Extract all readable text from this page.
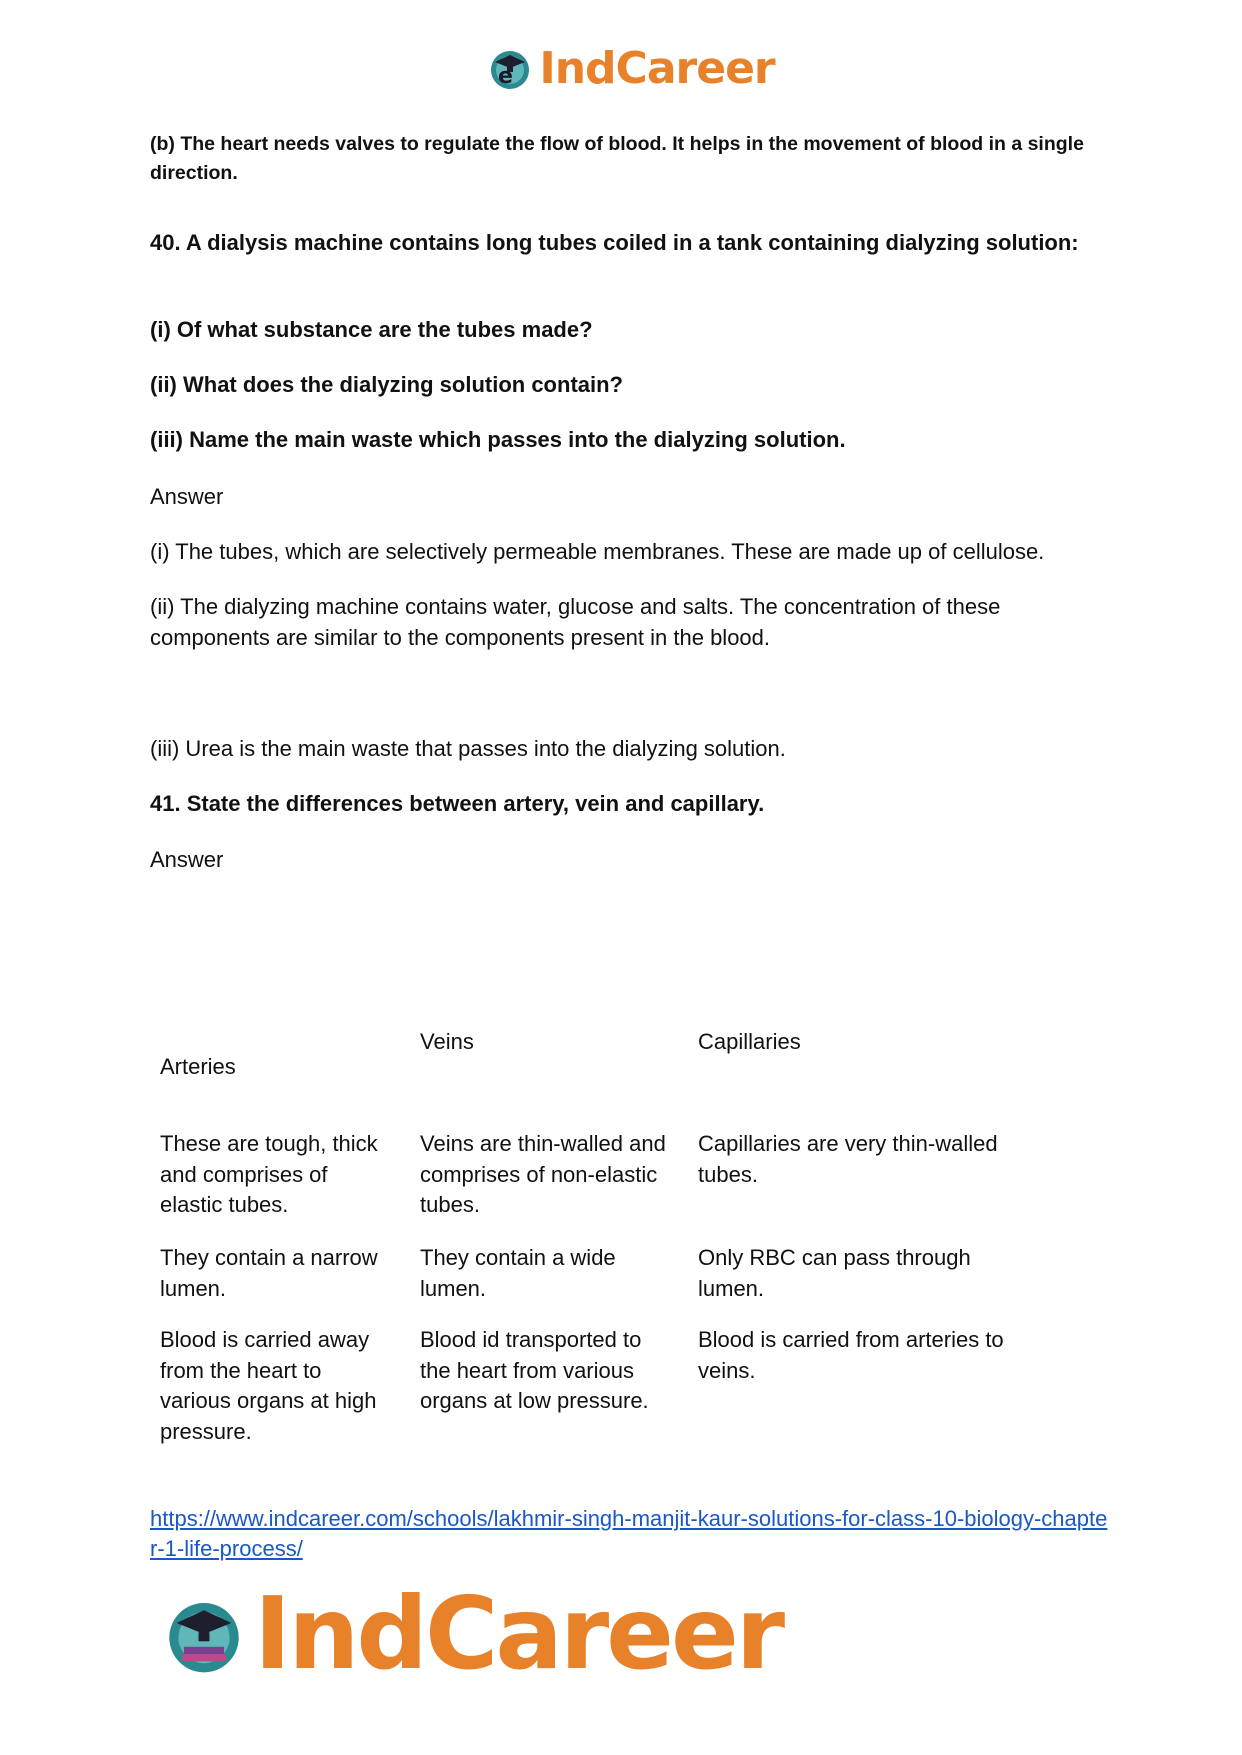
e IndCareer

(b) The heart needs valves to regulate the flow of blood. It helps in the movement of blood in a single direction.

40. A dialysis machine contains long tubes coiled in a tank containing dialyzing solution:

(i) Of what substance are the tubes made?

(ii) What does the dialyzing solution contain?

(iii) Name the main waste which passes into the dialyzing solution.

Answer

(i) The tubes, which are selectively permeable membranes. These are made up of cellulose.

(ii) The dialyzing machine contains water, glucose and salts. The concentration of these components are similar to the components present in the blood.

(iii) Urea is the main waste that passes into the dialyzing solution.

41. State the differences between artery, vein and capillary.

Answer

Arteries
Veins	Capillaries
These are tough, thick and comprises of elastic tubes.
Veins are thin-walled and comprises of non-elastic tubes.
Capillaries are very thin-walled tubes.
They contain a narrow lumen.
They contain a wide lumen.
Only RBC can pass through lumen.
Blood is carried away from the heart to various organs at high pressure.
Blood id transported to the heart from various organs at low pressure.
Blood is carried from arteries to veins.
https://www.indcareer.com/schools/lakhmir-singh-manjit-kaur-solutions-for-class-10-biology-chapter-1-life-process/
IndCareer
